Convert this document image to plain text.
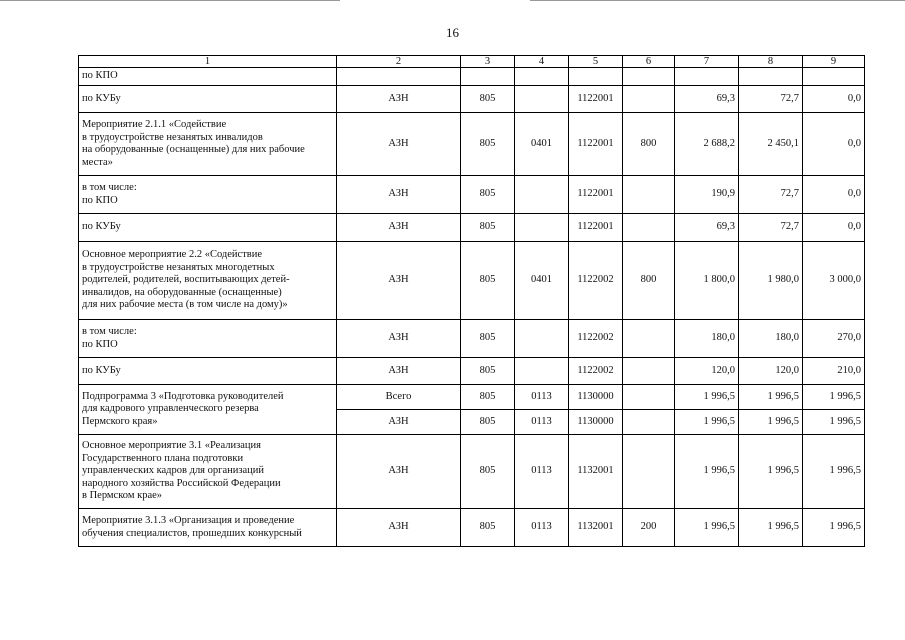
16
1	2	3	4	5	6	7	8	9
по КПО								
по КУБу	АЗН	805		1122001		69,3	72,7	0,0
Мероприятие 2.1.1 «Содействие
в трудоустройстве незанятых инвалидов
на оборудованные (оснащенные) для них рабочие места»	АЗН	805	0401	1122001	800	2 688,2	2 450,1	0,0
в том числе:
по КПО	АЗН	805		1122001		190,9	72,7	0,0
по КУБу	АЗН	805		1122001		69,3	72,7	0,0
Основное мероприятие 2.2 «Содействие
в трудоустройстве незанятых многодетных
родителей, родителей, воспитывающих детей-
инвалидов, на оборудованные (оснащенные)
для них рабочие места (в том числе на дому)»	АЗН	805	0401	1122002	800	1 800,0	1 980,0	3 000,0
в том числе:
по КПО	АЗН	805		1122002		180,0	180,0	270,0
по КУБу	АЗН	805		1122002		120,0	120,0	210,0
Подпрограмма 3 «Подготовка руководителей
для кадрового управленческого резерва
Пермского края»	Всего	805	0113	1130000		1 996,5	1 996,5	1 996,5
	АЗН	805	0113	1130000		1 996,5	1 996,5	1 996,5
Основное мероприятие 3.1 «Реализация
Государственного плана подготовки
управленческих кадров для организаций
народного хозяйства Российской Федерации
в Пермском крае»	АЗН	805	0113	1132001		1 996,5	1 996,5	1 996,5
Мероприятие 3.1.3 «Организация и проведение
обучения специалистов, прошедших конкурсный	АЗН	805	0113	1132001	200	1 996,5	1 996,5	1 996,5
